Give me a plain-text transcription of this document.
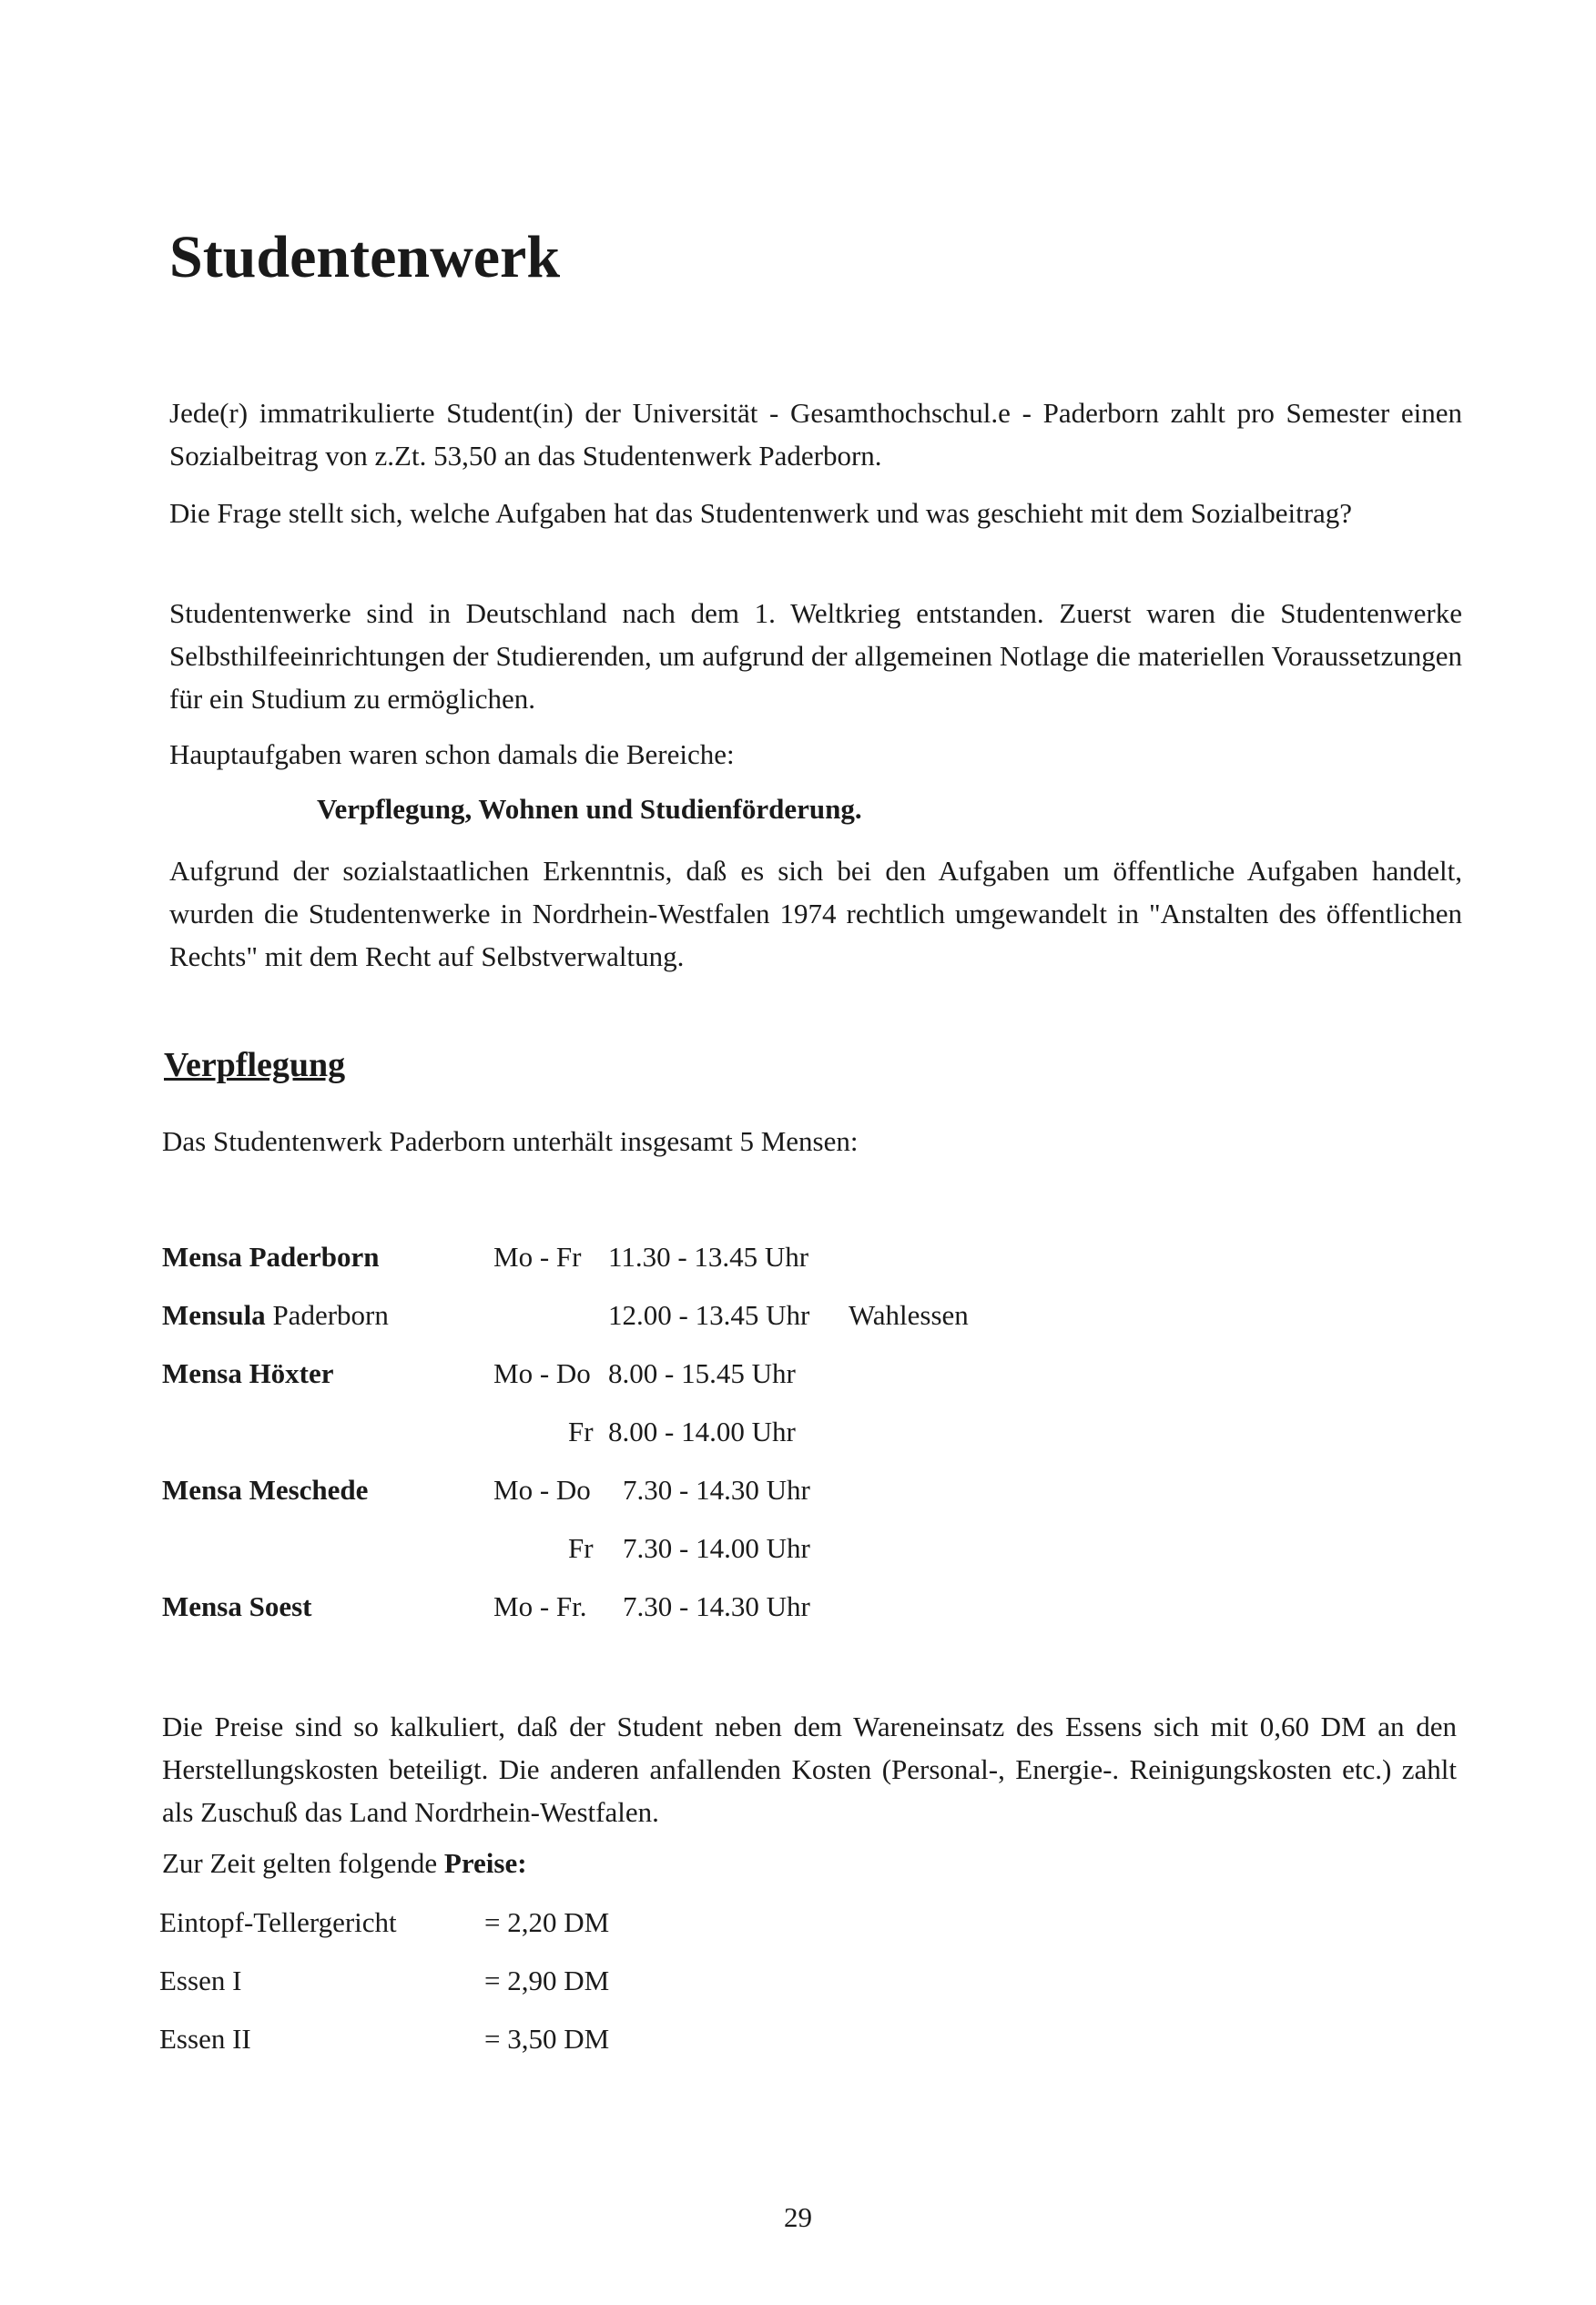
Studentenwerk

Jede(r) immatrikulierte Student(in) der Universität - Gesamthochschul.e - Paderborn zahlt pro Semester einen Sozialbeitrag von z.Zt. 53,50 an das Studentenwerk Paderborn.

Die Frage stellt sich, welche Aufgaben hat das Studentenwerk und was geschieht mit dem Sozialbeitrag?

Studentenwerke sind in Deutschland nach dem 1. Weltkrieg entstanden. Zuerst waren die Studentenwerke Selbsthilfeeinrichtungen der Studierenden, um aufgrund der allgemeinen Notlage die materiellen Voraussetzungen für ein Studium zu ermöglichen.

Hauptaufgaben waren schon damals die Bereiche:

Verpflegung, Wohnen und Studienförderung.

Aufgrund der sozialstaatlichen Erkenntnis, daß es sich bei den Aufgaben um öffentliche Aufgaben handelt, wurden die Studentenwerke in Nordrhein-Westfalen 1974 rechtlich umgewandelt in "Anstalten des öffentlichen Rechts" mit dem Recht auf Selbstverwaltung.

Verpflegung

Das Studentenwerk Paderborn unterhält insgesamt 5 Mensen:

Mensa Paderborn	Mo - Fr 11.30 - 13.45 Uhr
Mensula Paderborn	12.00 - 13.45 Uhr Wahlessen
Mensa Höxter	Mo - Do 8.00 - 15.45 Uhr
Fr 8.00 - 14.00 Uhr
Mensa Meschede	Mo - Do 7.30 - 14.30 Uhr
Fr 7.30 - 14.00 Uhr
Mensa Soest	Mo - Fr. 7.30 - 14.30 Uhr

Die Preise sind so kalkuliert, daß der Student neben dem Wareneinsatz des Essens sich mit 0,60 DM an den Herstellungskosten beteiligt. Die anderen anfallenden Kosten (Personal-, Energie-. Reinigungskosten etc.) zahlt als Zuschuß das Land Nordrhein-Westfalen.

Zur Zeit gelten folgende Preise:

Eintopf-Tellergericht	= 2,20 DM
Essen I	= 2,90 DM
Essen II	= 3,50 DM
29
